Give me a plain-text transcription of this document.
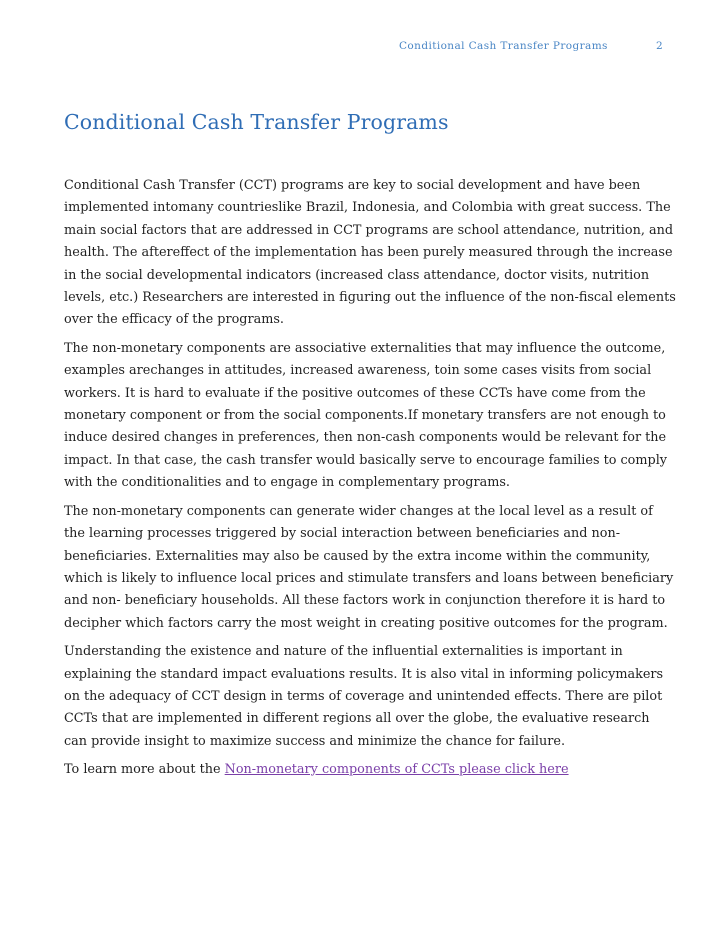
Conditional Cash Transfer Programs	2
Conditional Cash Transfer Programs

Conditional Cash Transfer (CCT) programs are key to social development and have been implemented intomany countrieslike Brazil, Indonesia, and Colombia with great success. The main social factors that are addressed in CCT programs are school attendance, nutrition, and health. The aftereffect of the implementation has been purely measured through the increase in the social developmental indicators (increased class attendance, doctor visits, nutrition levels, etc.) Researchers are interested in figuring out the influence of the non-fiscal elements over the efficacy of the programs.

The non-monetary components are associative externalities that may influence the outcome, examples arechanges in attitudes, increased awareness, toin some cases visits from social workers. It is hard to evaluate if the positive outcomes of these CCTs have come from the monetary component or from the social components.If monetary transfers are not enough to induce desired changes in preferences, then non-cash components would be relevant for the impact. In that case, the cash transfer would basically serve to encourage families to comply with the conditionalities and to engage in complementary programs.

The non-monetary components can generate wider changes at the local level as a result of the learning processes triggered by social interaction between beneficiaries and non-beneficiaries. Externalities may also be caused by the extra income within the community, which is likely to influence local prices and stimulate transfers and loans between beneficiary and non- beneficiary households. All these factors work in conjunction therefore it is hard to decipher which factors carry the most weight in creating positive outcomes for the program.

Understanding the existence and nature of the influential externalities is important in explaining the standard impact evaluations results. It is also vital in informing policymakers on the adequacy of CCT design in terms of coverage and unintended effects. There are pilot CCTs that are implemented in different regions all over the globe, the evaluative research can provide insight to maximize success and minimize the chance for failure.

To learn more about the Non-monetary components of CCTs please click here
